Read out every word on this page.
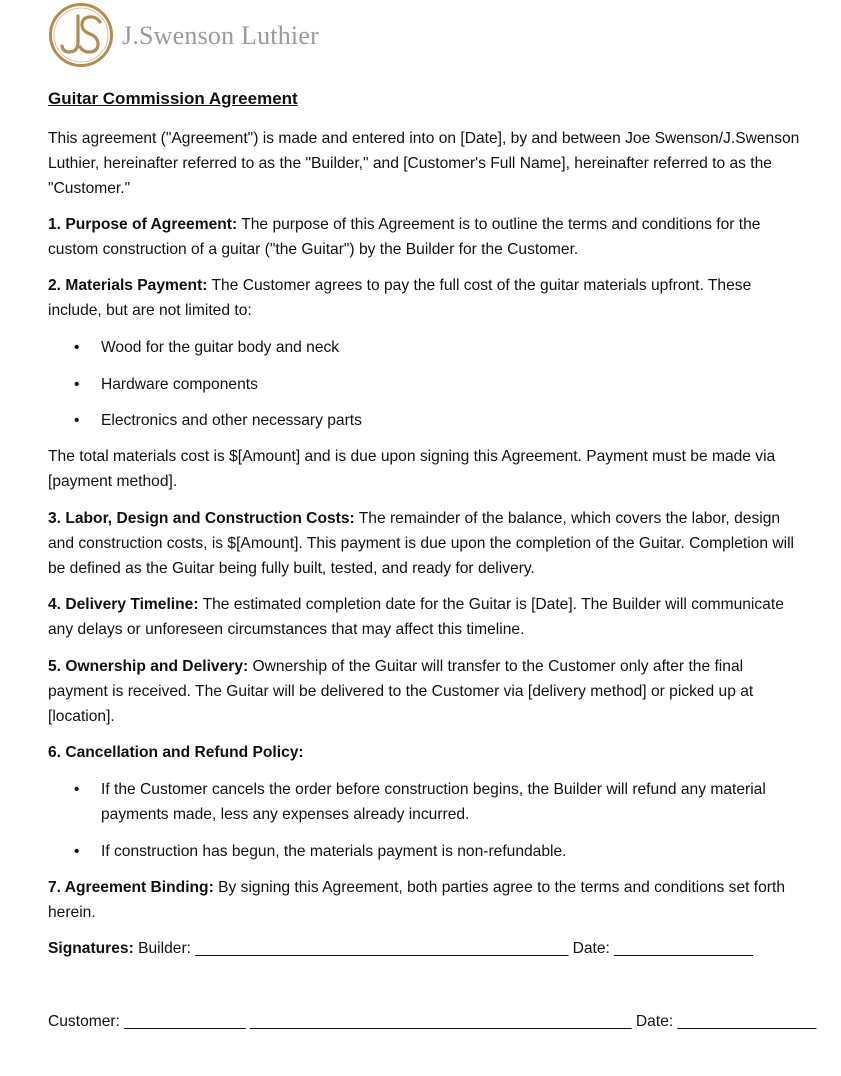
J.Swenson Luthier
Guitar Commission Agreement

This agreement ("Agreement") is made and entered into on [Date], by and between Joe Swenson/J.Swenson Luthier, hereinafter referred to as the "Builder," and [Customer's Full Name], hereinafter referred to as the "Customer."

1. Purpose of Agreement: The purpose of this Agreement is to outline the terms and conditions for the custom construction of a guitar ("the Guitar") by the Builder for the Customer.

2. Materials Payment: The Customer agrees to pay the full cost of the guitar materials upfront. These include, but are not limited to:

• Wood for the guitar body and neck
• Hardware components
• Electronics and other necessary parts

The total materials cost is $[Amount] and is due upon signing this Agreement. Payment must be made via [payment method].

3. Labor, Design and Construction Costs: The remainder of the balance, which covers the labor, design and construction costs, is $[Amount]. This payment is due upon the completion of the Guitar. Completion will be defined as the Guitar being fully built, tested, and ready for delivery.

4. Delivery Timeline: The estimated completion date for the Guitar is [Date]. The Builder will communicate any delays or unforeseen circumstances that may affect this timeline.

5. Ownership and Delivery: Ownership of the Guitar will transfer to the Customer only after the final payment is received. The Guitar will be delivered to the Customer via [delivery method] or picked up at [location].

6. Cancellation and Refund Policy:

• If the Customer cancels the order before construction begins, the Builder will refund any material payments made, less any expenses already incurred.
• If construction has begun, the materials payment is non-refundable.

7. Agreement Binding: By signing this Agreement, both parties agree to the terms and conditions set forth herein.

Signatures: Builder: ___________________________________________ Date: ________________
Customer: ______________ ____________________________________________ Date: ________________
